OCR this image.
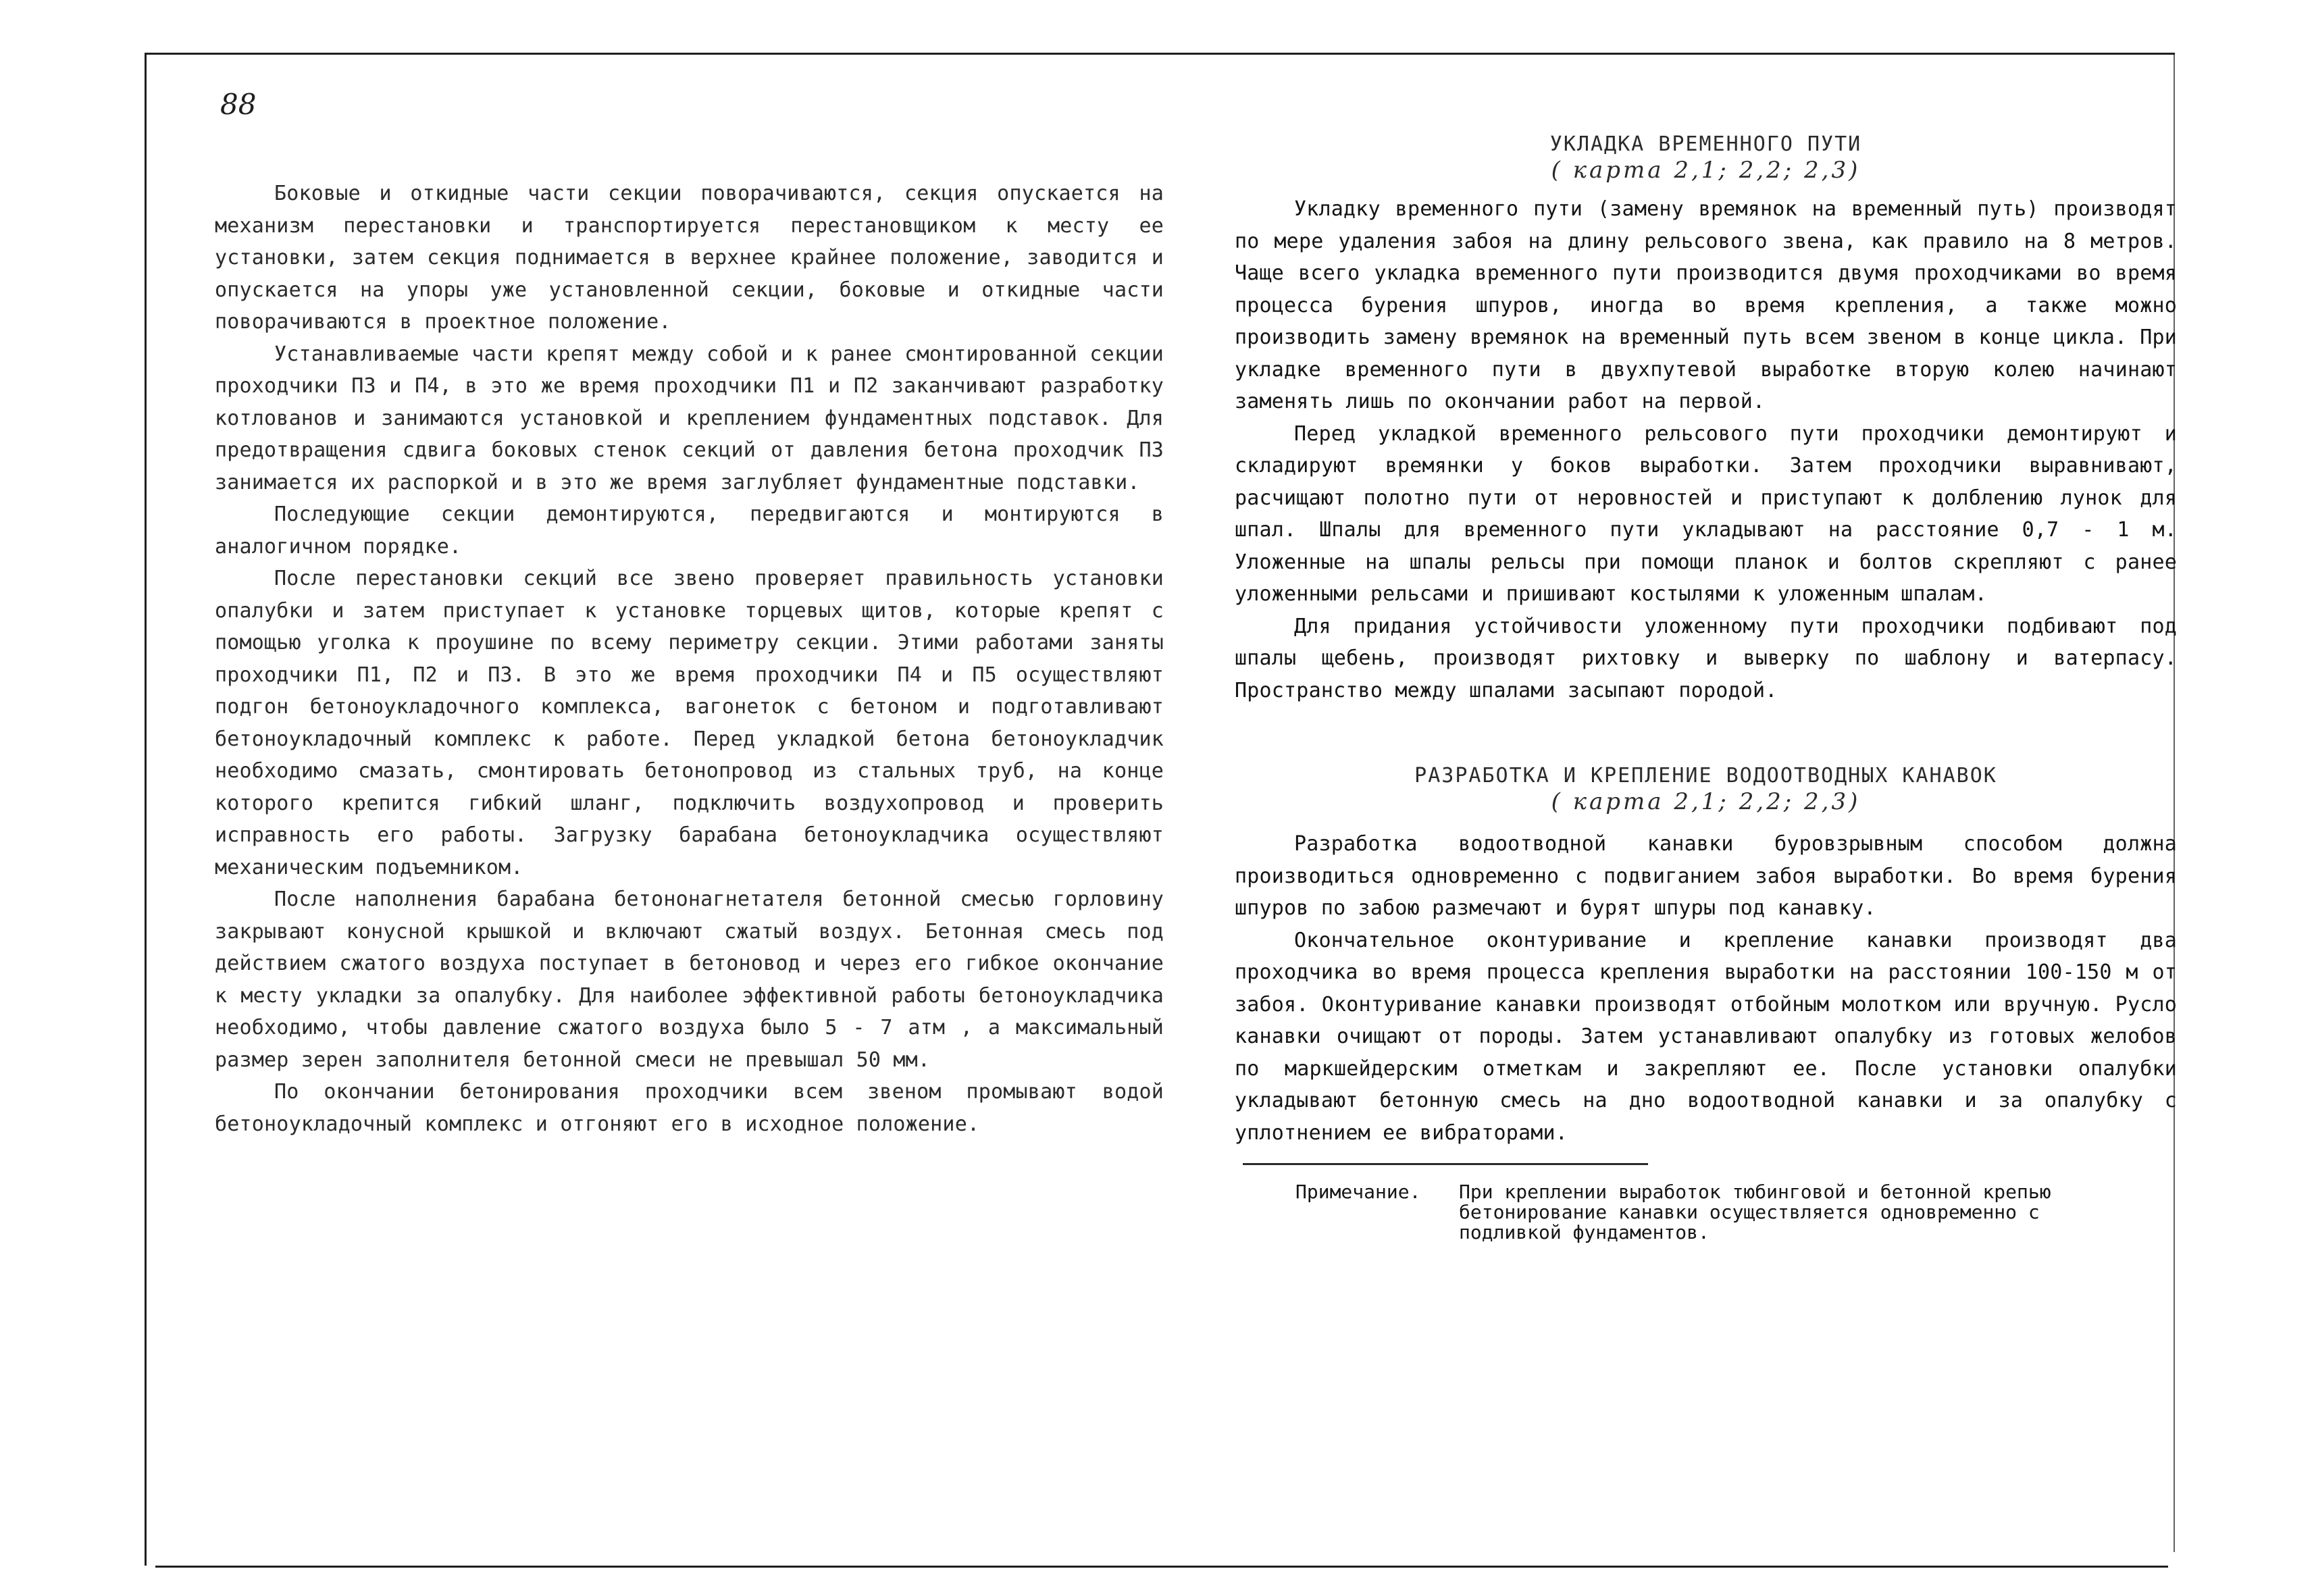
88

Боковые и откидные части секции поворачиваются, секция опускается на механизм перестановки и транспортируется перестановщиком к месту ее установки, затем секция поднимается в верхнее крайнее положение, заводится и опускается на упоры уже установленной секции, боковые и откидные части поворачиваются в проектное положение.

Устанавливаемые части крепят между собой и к ранее смонтированной секции проходчики П3 и П4, в это же время проходчики П1 и П2 заканчивают разработку котлованов и занимаются установкой и креплением фундаментных подставок. Для предотвращения сдвига боковых стенок секций от давления бетона проходчик П3 занимается их распоркой и в это же время заглубляет фундаментные подставки.

Последующие секции демонтируются, передвигаются и монтируются в аналогичном порядке.

После перестановки секций все звено проверяет правильность установки опалубки и затем приступает к установке торцевых щитов, которые крепят с помощью уголка к проушине по всему периметру секции. Этими работами заняты проходчики П1, П2 и П3. В это же время проходчики П4 и П5 осуществляют подгон бетоноукладочного комплекса, вагонеток с бетоном и подготавливают бетоноукладочный комплекс к работе. Перед укладкой бетона бетоноукладчик необходимо смазать, смонтировать бетонопровод из стальных труб, на конце которого крепится гибкий шланг, подключить воздухопровод и проверить исправность его работы. Загрузку барабана бетоноукладчика осуществляют механическим подъемником.

После наполнения барабана бетононагнетателя бетонной смесью горловину закрывают конусной крышкой и включают сжатый воздух. Бетонная смесь под действием сжатого воздуха поступает в бетоновод и через его гибкое окончание к месту укладки за опалубку. Для наиболее эффективной работы бетоноукладчика необходимо, чтобы давление сжатого воздуха было 5 - 7 атм , а максимальный размер зерен заполнителя бетонной смеси не превышал 50 мм.

По окончании бетонирования проходчики всем звеном промывают водой бетоноукладочный комплекс и отгоняют его в исходное положение.

УКЛАДКА ВРЕМЕННОГО ПУТИ
( карта 2,1; 2,2; 2,3)

Укладку временного пути (замену времянок на временный путь) производят по мере удаления забоя на длину рельсового звена, как правило на 8 метров. Чаще всего укладка временного пути производится двумя проходчиками во время процесса бурения шпуров, иногда во время крепления, а также можно производить замену времянок на временный путь всем звеном в конце цикла. При укладке временного пути в двухпутевой выработке вторую колею начинают заменять лишь по окончании работ на первой.

Перед укладкой временного рельсового пути проходчики демонтируют и складируют времянки у боков выработки. Затем проходчики выравнивают, расчищают полотно пути от неровностей и приступают к долблению лунок для шпал. Шпалы для временного пути укладывают на расстояние 0,7 - 1 м. Уложенные на шпалы рельсы при помощи планок и болтов скрепляют с ранее уложенными рельсами и пришивают костылями к уложенным шпалам.

Для придания устойчивости уложенному пути проходчики подбивают под шпалы щебень, производят рихтовку и выверку по шаблону и ватерпасу. Пространство между шпалами засыпают породой.

РАЗРАБОТКА И КРЕПЛЕНИЕ ВОДООТВОДНЫХ КАНАВОК
( карта 2,1; 2,2; 2,3)

Разработка водоотводной канавки буровзрывным способом должна производиться одновременно с подвиганием забоя выработки. Во время бурения шпуров по забою размечают и бурят шпуры под канавку.

Окончательное оконтуривание и крепление канавки производят два проходчика во время процесса крепления выработки на расстоянии 100-150 м от забоя. Оконтуривание канавки производят отбойным молотком или вручную. Русло канавки очищают от породы. Затем устанавливают опалубку из готовых желобов по маркшейдерским отметкам и закрепляют ее. После установки опалубки укладывают бетонную смесь на дно водоотводной канавки и за опалубку с уплотнением ее вибраторами.

Примечание. При креплении выработок тюбинговой и бетонной крепью
бетонирование канавки осуществляется одновременно с
подливкой фундаментов.
